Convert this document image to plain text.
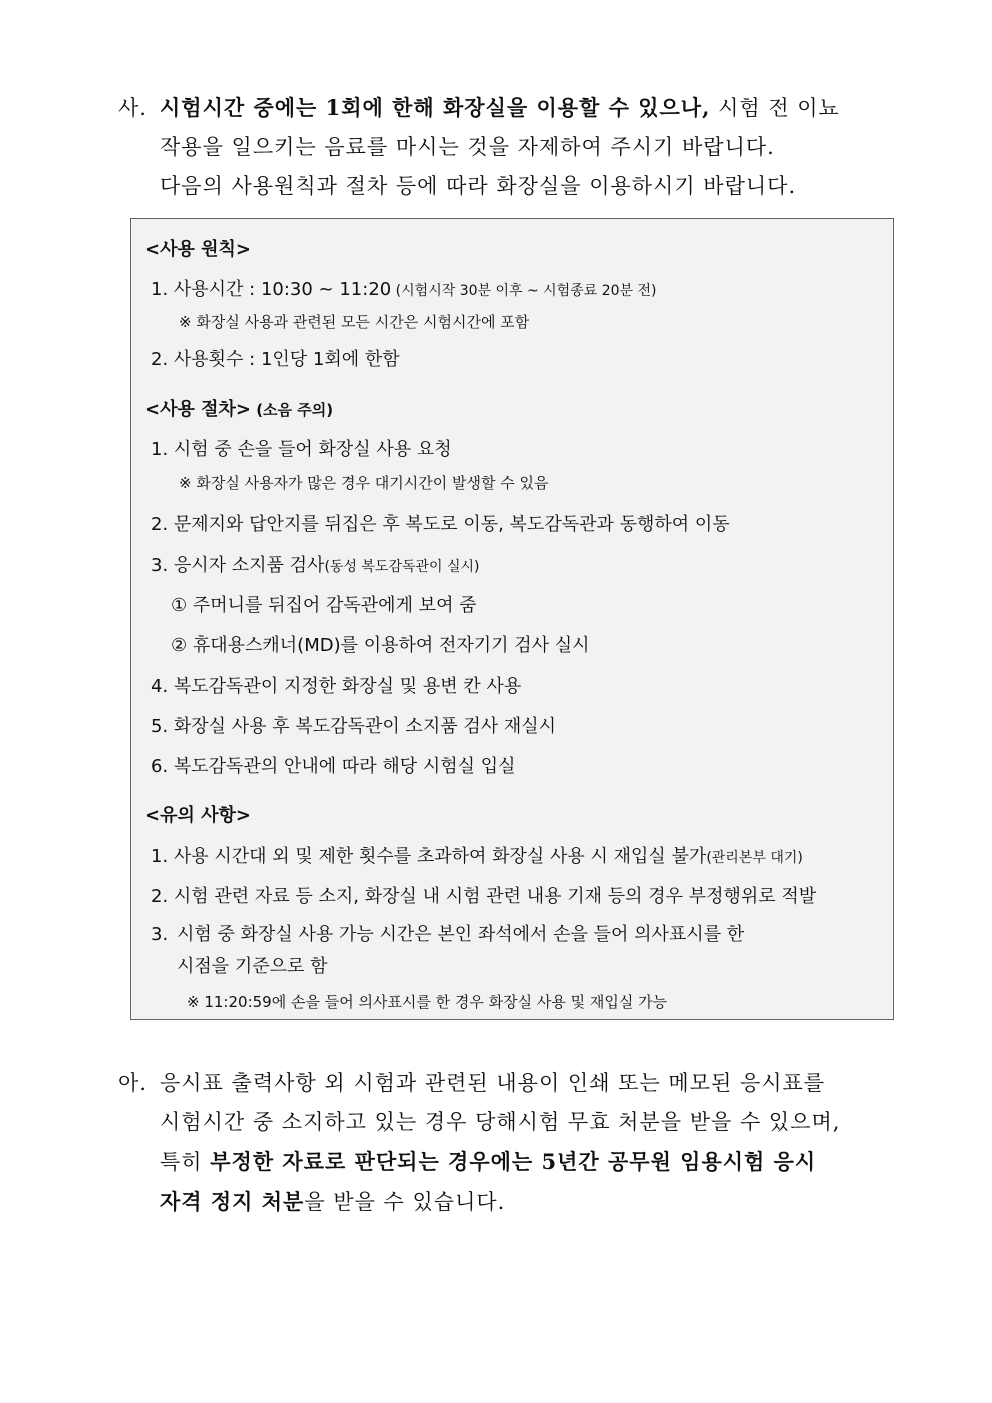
사. 시험시간 중에는 1회에 한해 화장실을 이용할 수 있으나, 시험 전 이뇨
작용을 일으키는 음료를 마시는 것을 자제하여 주시기 바랍니다.
다음의 사용원칙과 절차 등에 따라 화장실을 이용하시기 바랍니다.
<사용 원칙>
1. 사용시간 : 10:30 ~ 11:20 (시험시작 30분 이후 ~ 시험종료 20분 전)
※ 화장실 사용과 관련된 모든 시간은 시험시간에 포함
2. 사용횟수 : 1인당 1회에 한함
<사용 절차> (소음 주의)
1. 시험 중 손을 들어 화장실 사용 요청
※ 화장실 사용자가 많은 경우 대기시간이 발생할 수 있음
2. 문제지와 답안지를 뒤집은 후 복도로 이동, 복도감독관과 동행하여 이동
3. 응시자 소지품 검사(동성 복도감독관이 실시)
① 주머니를 뒤집어 감독관에게 보여 줌
② 휴대용스캐너(MD)를 이용하여 전자기기 검사 실시
4. 복도감독관이 지정한 화장실 및 용변 칸 사용
5. 화장실 사용 후 복도감독관이 소지품 검사 재실시
6. 복도감독관의 안내에 따라 해당 시험실 입실
<유의 사항>
1. 사용 시간대 외 및 제한 횟수를 초과하여 화장실 사용 시 재입실 불가(관리본부 대기)
2. 시험 관련 자료 등 소지, 화장실 내 시험 관련 내용 기재 등의 경우 부정행위로 적발
3. 시험 중 화장실 사용 가능 시간은 본인 좌석에서 손을 들어 의사표시를 한
시점을 기준으로 함
※ 11:20:59에 손을 들어 의사표시를 한 경우 화장실 사용 및 재입실 가능
아. 응시표 출력사항 외 시험과 관련된 내용이 인쇄 또는 메모된 응시표를
시험시간 중 소지하고 있는 경우 당해시험 무효 처분을 받을 수 있으며,
특히 부정한 자료로 판단되는 경우에는 5년간 공무원 임용시험 응시
자격 정지 처분을 받을 수 있습니다.
